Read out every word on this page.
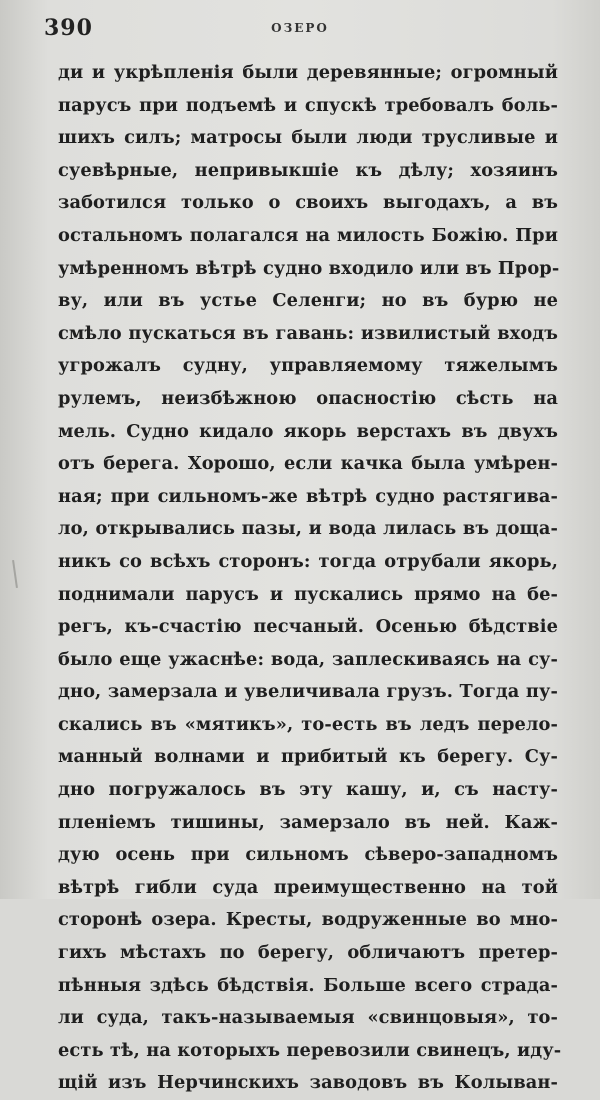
390	ОЗЕРО
ди и укрѣпленія были деревянные; огромный
парусъ при подъемѣ и спускѣ требовалъ боль-
шихъ силъ; матросы были люди трусливые и
суевѣрные, непривыкшіе къ дѣлу; хозяинъ
заботился только о своихъ выгодахъ, а въ
остальномъ полагался на милость Божію. При
умѣренномъ вѣтрѣ судно входило или въ Прор-
ву, или въ устье Селенги; но въ бурю не
смѣло пускаться въ гавань: извилистый входъ
угрожалъ судну, управляемому тяжелымъ
рулемъ, неизбѣжною опасностію сѣсть на
мель. Судно кидало якорь верстахъ въ двухъ
отъ берега. Хорошо, если качка была умѣрен-
ная; при сильномъ-же вѣтрѣ судно растягива-
ло, открывались пазы, и вода лилась въ доща-
никъ со всѣхъ сторонъ: тогда отрубали якорь,
поднимали парусъ и пускались прямо на бе-
регъ, къ-счастію песчаный. Осенью бѣдствіе
было еще ужаснѣе: вода, заплескиваясь на су-
дно, замерзала и увеличивала грузъ. Тогда пу-
скались въ «мятикъ», то-есть въ ледъ перело-
манный волнами и прибитый къ берегу. Су-
дно погружалось въ эту кашу, и, съ насту-
пленіемъ тишины, замерзало въ ней. Каж-
дую осень при сильномъ сѣверо-западномъ
вѣтрѣ гибли суда преимущественно на той
сторонѣ озера. Кресты, водруженные во мно-
гихъ мѣстахъ по берегу, обличаютъ претер-
пѣнныя здѣсь бѣдствія. Больше всего страда-
ли суда, такъ-называемыя «свинцовыя», то-
есть тѣ, на которыхъ перевозили свинецъ, иду-
щій изъ Нерчинскихъ заводовъ въ Колыван-
